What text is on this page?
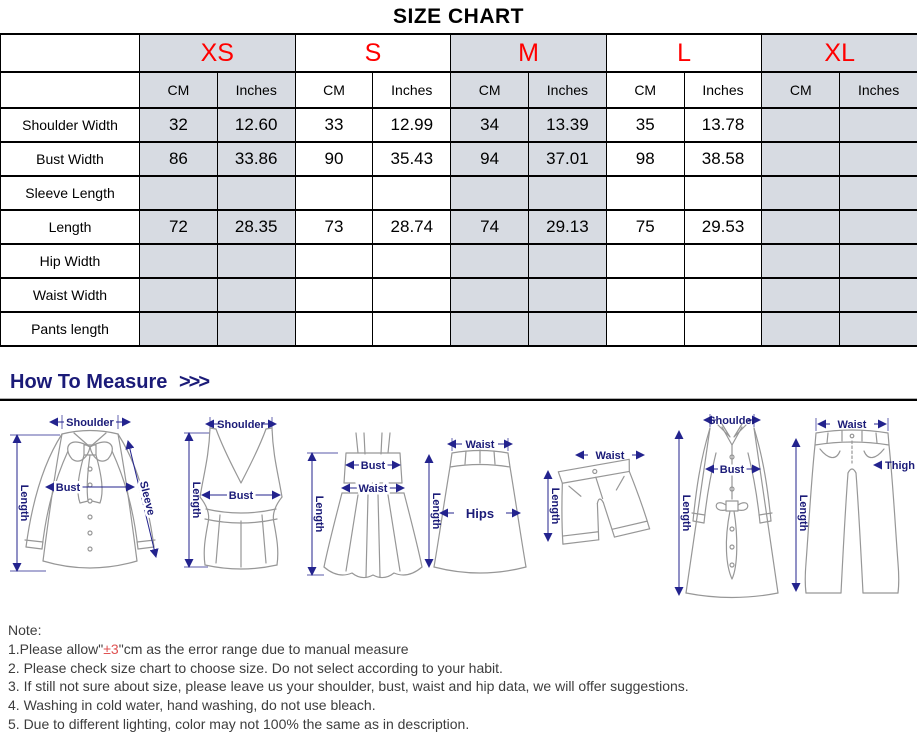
SIZE CHART
	XS		S		M		L		XL	
	CM	Inches	CM	Inches	CM	Inches	CM	Inches	CM	Inches
Shoulder Width	32	12.60	33	12.99	34	13.39	35	13.78		
Bust Width	86	33.86	90	35.43	94	37.01	98	38.58		
Sleeve Length										
Length	72	28.35	73	28.74	74	29.13	75	29.53		
Hip Width										
Waist Width										
Pants length										
How To Measure >>>
Shoulder
Length Bust	Sleeve
Shoulder
Length Bust
Bust
Waist
Length
Waist
Hips
Length
Waist
Length
Shoulder
Bust
Length
Waist
Thigh
Length
Note:
1.Please allow"±3"cm as the error range due to manual measure
2. Please check size chart to choose size. Do not select according to your habit.
3. If still not sure about size, please leave us your shoulder, bust, waist and hip data, we will offer suggestions.
4. Washing in cold water, hand washing, do not use bleach.
5. Due to different lighting, color may not 100% the same as in description.
